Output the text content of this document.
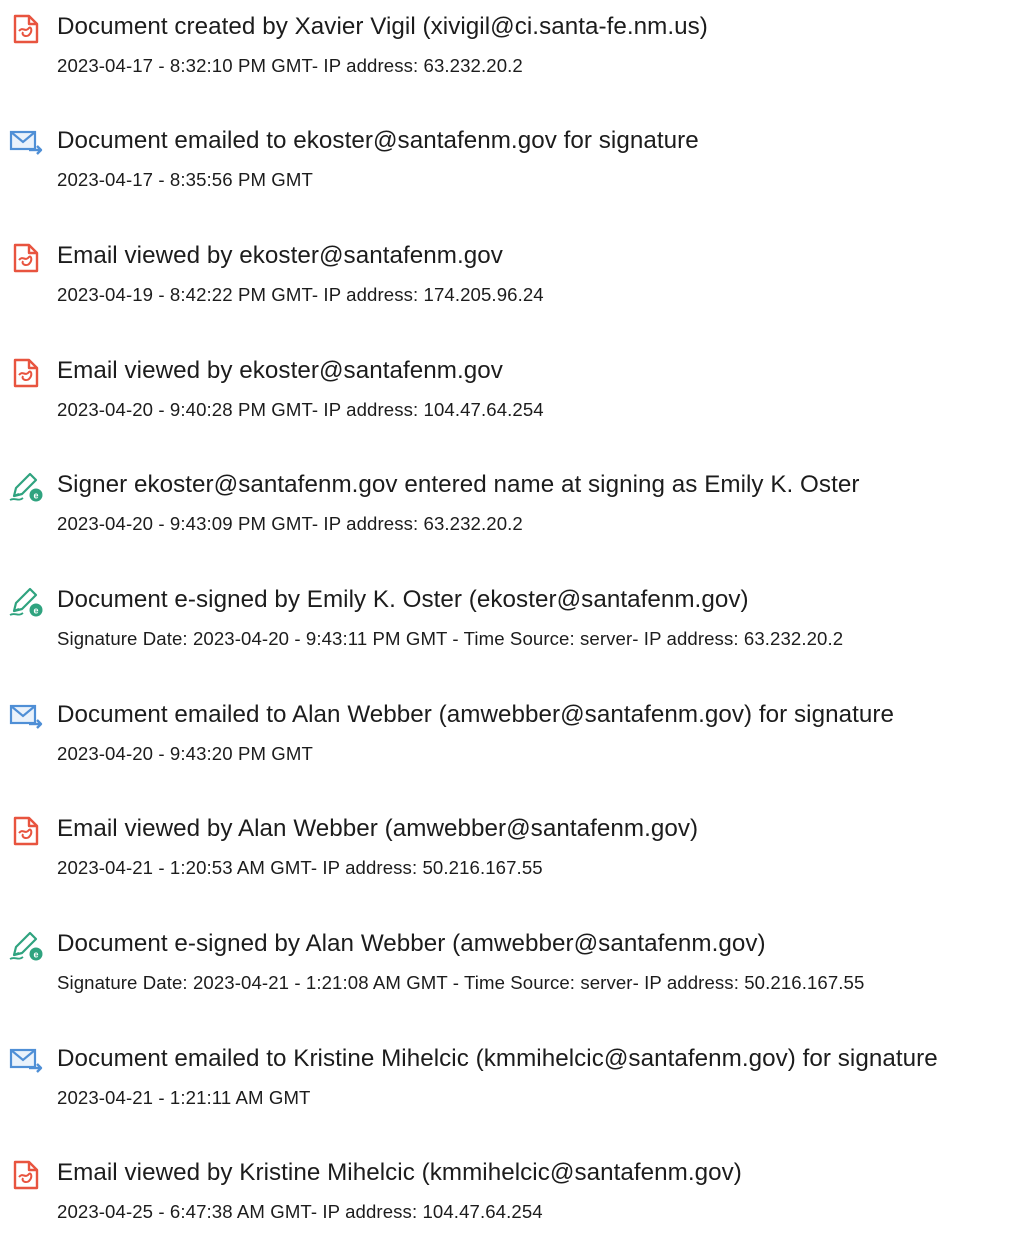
Document created by Xavier Vigil (xivigil@ci.santa-fe.nm.us)
2023-04-17 - 8:32:10 PM GMT- IP address: 63.232.20.2
Document emailed to ekoster@santafenm.gov for signature
2023-04-17 - 8:35:56 PM GMT
Email viewed by ekoster@santafenm.gov
2023-04-19 - 8:42:22 PM GMT- IP address: 174.205.96.24
Email viewed by ekoster@santafenm.gov
2023-04-20 - 9:40:28 PM GMT- IP address: 104.47.64.254
e Signer ekoster@santafenm.gov entered name at signing as Emily K. Oster
2023-04-20 - 9:43:09 PM GMT- IP address: 63.232.20.2
e Document e-signed by Emily K. Oster (ekoster@santafenm.gov)
Signature Date: 2023-04-20 - 9:43:11 PM GMT - Time Source: server- IP address: 63.232.20.2
Document emailed to Alan Webber (amwebber@santafenm.gov) for signature
2023-04-20 - 9:43:20 PM GMT
Email viewed by Alan Webber (amwebber@santafenm.gov)
2023-04-21 - 1:20:53 AM GMT- IP address: 50.216.167.55
e Document e-signed by Alan Webber (amwebber@santafenm.gov)
Signature Date: 2023-04-21 - 1:21:08 AM GMT - Time Source: server- IP address: 50.216.167.55
Document emailed to Kristine Mihelcic (kmmihelcic@santafenm.gov) for signature
2023-04-21 - 1:21:11 AM GMT
Email viewed by Kristine Mihelcic (kmmihelcic@santafenm.gov)
2023-04-25 - 6:47:38 AM GMT- IP address: 104.47.64.254
